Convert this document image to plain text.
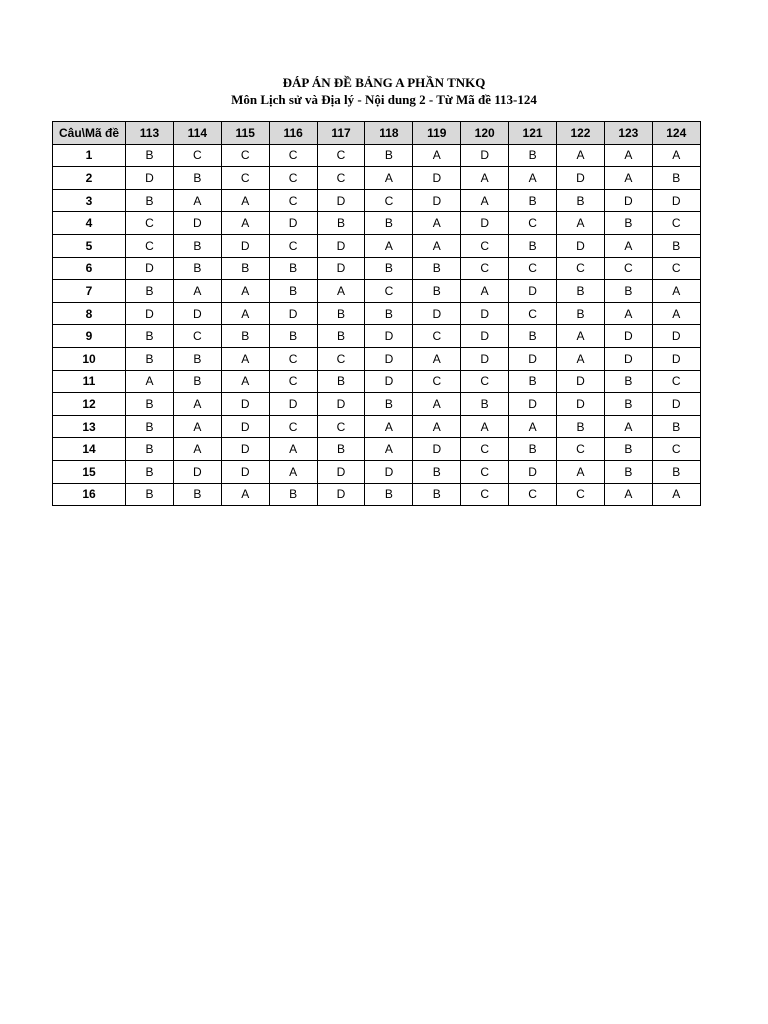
ĐÁP ÁN ĐỀ BẢNG A PHẦN TNKQ
Môn Lịch sử và Địa lý - Nội dung 2 - Từ Mã đề 113-124
Câu\Mã đề	113	114	115	116	117	118	119	120	121	122	123	124
1	B	C	C	C	C	B	A	D	B	A	A	A
2	D	B	C	C	C	A	D	A	A	D	A	B
3	B	A	A	C	D	C	D	A	B	B	D	D
4	C	D	A	D	B	B	A	D	C	A	B	C
5	C	B	D	C	D	A	A	C	B	D	A	B
6	D	B	B	B	D	B	B	C	C	C	C	C
7	B	A	A	B	A	C	B	A	D	B	B	A
8	D	D	A	D	B	B	D	D	C	B	A	A
9	B	C	B	B	B	D	C	D	B	A	D	D
10	B	B	A	C	C	D	A	D	D	A	D	D
11	A	B	A	C	B	D	C	C	B	D	B	C
12	B	A	D	D	D	B	A	B	D	D	B	D
13	B	A	D	C	C	A	A	A	A	B	A	B
14	B	A	D	A	B	A	D	C	B	C	B	C
15	B	D	D	A	D	D	B	C	D	A	B	B
16	B	B	A	B	D	B	B	C	C	C	A	A
